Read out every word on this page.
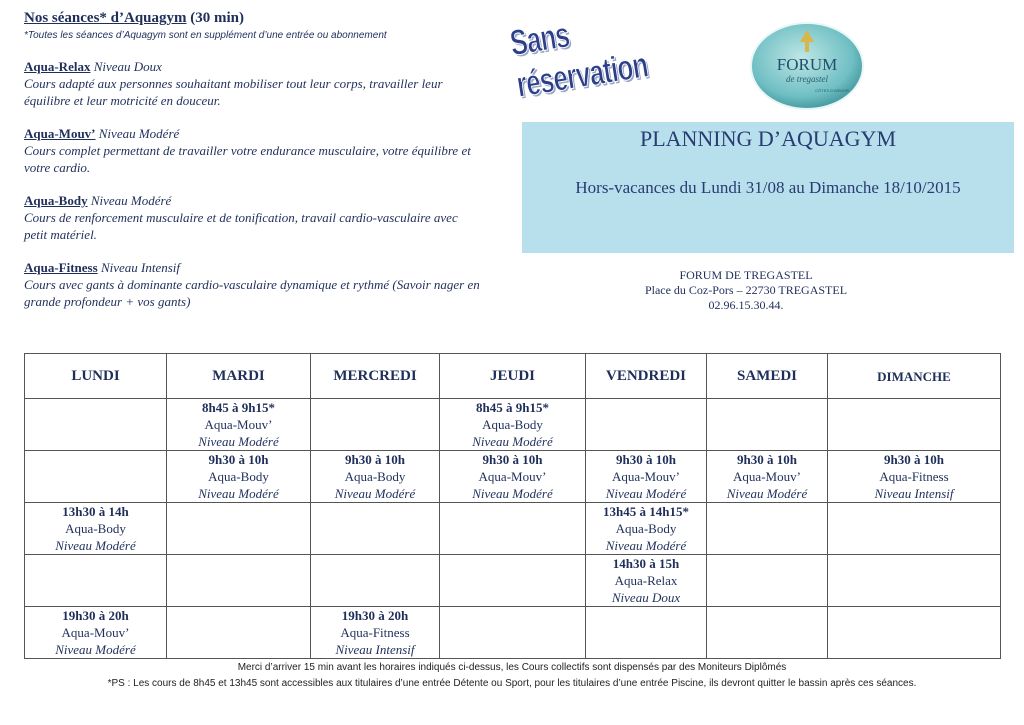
Nos séances* d’Aquagym (30 min)
*Toutes les séances d’Aquagym sont en supplément d’une entrée ou abonnement
Aqua-Relax Niveau Doux
Cours adapté aux personnes souhaitant mobiliser tout leur corps, travailler leur équilibre et leur motricité en douceur.
Aqua-Mouv’ Niveau Modéré
Cours complet permettant de travailler votre endurance musculaire, votre équilibre et votre cardio.
Aqua-Body Niveau Modéré
Cours de renforcement musculaire et de tonification, travail cardio-vasculaire avec petit matériel.
Aqua-Fitness Niveau Intensif
Cours avec gants à dominante cardio-vasculaire dynamique et rythmé (Savoir nager en grande profondeur + vos gants)
Sans réservation	FORUM
de tregastel
CÔTES D'ARMOR
PLANNING D’AQUAGYM
Hors-vacances du Lundi 31/08 au Dimanche 18/10/2015
FORUM DE TREGASTEL
Place du Coz-Pors – 22730 TREGASTEL
02.96.15.30.44.
LUNDI	MARDI	MERCREDI	JEUDI	VENDREDI	SAMEDI	DIMANCHE

	8h45 à 9h15*
Aqua-Mouv’
Niveau Modéré		8h45 à 9h15*
Aqua-Body
Niveau Modéré			

	9h30 à 10h
Aqua-Body
Niveau Modéré	9h30 à 10h
Aqua-Body
Niveau Modéré	9h30 à 10h
Aqua-Mouv’
Niveau Modéré	9h30 à 10h
Aqua-Mouv’
Niveau Modéré	9h30 à 10h
Aqua-Mouv’
Niveau Modéré	9h30 à 10h
Aqua-Fitness
Niveau Intensif

13h30 à 14h
Aqua-Body
Niveau Modéré				13h45 à 14h15*
Aqua-Body
Niveau Modéré		

				14h30 à 15h
Aqua-Relax
Niveau Doux		

19h30 à 20h
Aqua-Mouv’
Niveau Modéré		19h30 à 20h
Aqua-Fitness
Niveau Intensif				

Merci d’arriver 15 min avant les horaires indiqués ci-dessus, les Cours collectifs sont dispensés par des Moniteurs Diplômés
*PS : Les cours de 8h45 et 13h45 sont accessibles aux titulaires d’une entrée Détente ou Sport, pour les titulaires d’une entrée Piscine, ils devront quitter le bassin après ces séances.
